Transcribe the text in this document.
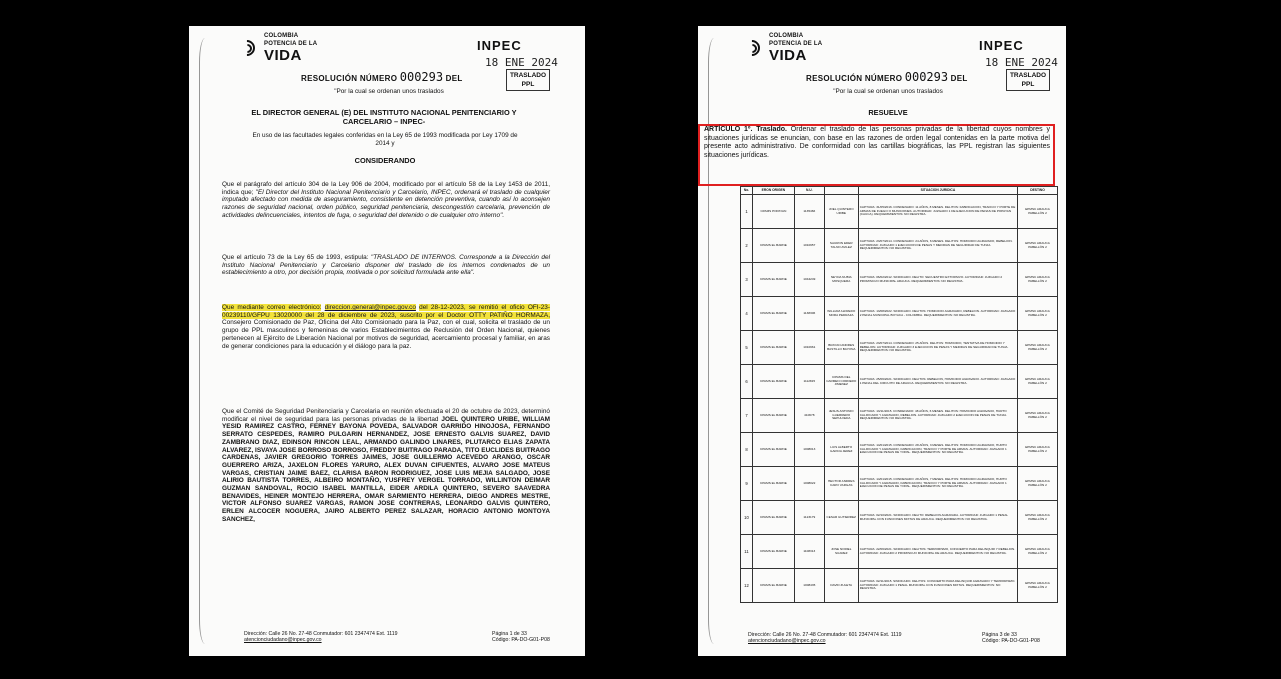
COLOMBIA
POTENCIA DE LA
VIDA
INPEC
18 ENE 2024
TRASLADO
PPL
RESOLUCIÓN NÚMERO 000293 DEL
"Por la cual se ordenan unos traslados
EL DIRECTOR GENERAL (E) DEL INSTITUTO NACIONAL PENITENCIARIO Y CARCELARIO – INPEC-
En uso de las facultades legales conferidas en la Ley 65 de 1993 modificada por Ley 1709 de 2014 y
CONSIDERANDO

Que el parágrafo del artículo 304 de la Ley 906 de 2004, modificado por el artículo 58 de la Ley 1453 de 2011, indica que; "El Director del Instituto Nacional Penitenciario y Carcelario, INPEC, ordenará el traslado de cualquier imputado afectado con medida de aseguramiento, consistente en detención preventiva, cuando así lo aconsejen razones de seguridad nacional, orden público, seguridad penitenciaria, descongestión carcelaria, prevención de actividades delincuenciales, intentos de fuga, o seguridad del detenido o de cualquier otro interno".

Que el artículo 73 de la Ley 65 de 1993, estipula: "TRASLADO DE INTERNOS. Corresponde a la Dirección del Instituto Nacional Penitenciario y Carcelario disponer del traslado de los internos condenados de un establecimiento a otro, por decisión propia, motivada o por solicitud formulada ante ella".

Que mediante correo electrónico: direccion.general@inpec.gov.co del 28-12-2023, se remitió el oficio OFI-23-00239110/GFPU 13020000 del 28 de diciembre de 2023, suscrito por el Doctor OTTY PATIÑO HORMAZA, Consejero Comisionado de Paz, Oficina del Alto Comisionado para la Paz, con el cual, solicita el traslado de un grupo de PPL masculinos y femeninas de varios Establecimientos de Reclusión del Orden Nacional, quienes pertenecen al Ejército de Liberación Nacional por motivos de seguridad, acercamiento procesal y familiar, en aras de generar condiciones para la educación y el diálogo para la paz.

Que el Comité de Seguridad Penitenciaria y Carcelaria en reunión efectuada el 20 de octubre de 2023, determinó modificar el nivel de seguridad para las personas privadas de la libertad JOEL QUINTERO URIBE, WILLIAM YESID RAMIREZ CASTRO, FERNEY BAYONA POVEDA, SALVADOR GARRIDO HINOJOSA, FERNANDO SERRATO CESPEDES, RAMIRO PULGARIN HERNANDEZ, JOSE ERNESTO GALVIS SUAREZ, DAVID ZAMBRANO DIAZ, EDINSON RINCON LEAL, ARMANDO GALINDO LINARES, PLUTARCO ELIAS ZAPATA ALVAREZ, ISVAYA JOSE BORROSO BORROSO, FREDDY BUITRAGO PARADA, TITO EUCLIDES BUITRAGO CARDENAS, JAVIER GREGORIO TORRES JAIMES, JOSE GUILLERMO ACEVEDO ARANGO, OSCAR GUERRERO ARIZA, JAXELON FLORES YARURO, ALEX DUVAN CIFUENTES, ALVARO JOSE MATEUS VARGAS, CRISTIAN JAIME BAEZ, CLARISA BARON RODRIGUEZ, JOSE LUIS MEJIA SALGADO, JOSE ALIRIO BAUTISTA TORRES, ALBEIRO MONTAÑO, YUSFREY VERGEL TORRADO, WILLINTON DEIMAR GUZMAN SANDOVAL, ROCIO ISABEL MANTILLA, EIDER ARDILA QUINTERO, SEVERO SAAVEDRA BENAVIDES, HEINER MONTEJO HERRERA, OMAR SARMIENTO HERRERA, DIEGO ANDRES MESTRE, VICTOR ALFONSO SUAREZ VARGAS, RAMON JOSE CONTRERAS, LEONARDO GALVIS QUINTERO, ERLEN ALCOCER NOGUERA, JAIRO ALBERTO PEREZ SALAZAR, HORACIO ANTONIO MONTOYA SANCHEZ,

Dirección: Calle 26 No. 27-48 Conmutador: 601 2347474 Ext. 1119
atencionciudadano@inpec.gov.co
Página 1 de 33
Código: PA-DO-G01-P08
COLOMBIA
POTENCIA DE LA
VIDA
INPEC
18 ENE 2024
TRASLADO
PPL
RESOLUCIÓN NÚMERO 000293 DEL
"Por la cual se ordenan unos traslados
RESUELVE

ARTÍCULO 1º. Traslado. Ordenar el traslado de las personas privadas de la libertad cuyos nombres y situaciones jurídicas se enuncian, con base en las razones de orden legal contenidas en la parte motiva del presente acto administrativo. De conformidad con las cartillas biográficas, las PPL registran las siguientes situaciones jurídicas.

No.	ERON ORIGEN	N.U.		SITUACION JURIDICA	DESTINO
1	CPAMS POPAYAN	1135466	JOEL QUINTERO URIBE	CAPTURA: 31/05/2016. CONDENADO: 11 AÑOS, 8 MESES. DELITOS: FABRICACION, TRAFICO Y PORTE DE ARMAS DE FUEGO O MUNICIONES. AUTORIDAD: JUZGADO 1 DE EJECUCION DE PENAS DE POPAYAN (CAUCA). REQUERIMIENTOS: NO REGISTRA.	EPMSC ARAUCA PABELLÓN 2
2	CPAMS EL BARNE	1010957	SAURON EDER TALNO AVILEZ	CAPTURA: 23/07/2014. CONDENADO: 24 AÑOS, 6 MESES. DELITOS: HOMICIDIO AGRAVADO, REBELION. AUTORIDAD: JUZGADO 1 EJECUCION DE PENAS Y MEDIDAS DE SEGURIDAD DE TUNJA. REQUERIMIENTOS: NO REGISTRA.	EPMSC ARAUCA PABELLÓN 2
3	CPAMS EL BARNE	1044249	NEYDA NUBIA MOSQUERA	CAPTURA: 06/02/2012. SINDICADO. DELITO: SECUESTRO EXTORSIVO. AUTORIDAD: JUZGADO 2 PROMISCUO MUNICIPAL ARAUCA. REQUERIMIENTOS: NO REGISTRA.	EPMSC ARAUCA PABELLÓN 2
4	CPAMS EL BARNE	1138306	WILLIAM ALFREDO MORA PEDRAZA	CAPTURA: 13/08/2022. SINDICADO. DELITOS: HOMICIDIO AGRAVADO, REBELION. AUTORIDAD: JUZGADO 2 PENAL MUNICIPAL BOYACA - COLOMBIA. REQUERIMIENTOS: NO REGISTRA.	EPMSC ARAUCA PABELLÓN 2
5	CPAMS EL BARNE	1010961	BRAYAN ANDRES BASTILLO BAYONA	CAPTURA: 23/07/2014. CONDENADO: 25 AÑOS. DELITOS: HOMICIDIO, TENTATIVA DE HOMICIDIO Y REBELION. AUTORIDAD: JUZGADO 3 EJECUCION DE PENAS Y MEDIDAS DE SEGURIDAD DE TUNJA. REQUERIMIENTOS: NO REGISTRA.	EPMSC ARAUCA PABELLÓN 2
6	CPAMS EL BARNE	1112815	CIPAMS DEL CARMEN CORDERO JIMENEZ	CAPTURA: 25/06/2021. SINDICADO. DELITOS: REBELION, HOMICIDIO AGRAVADO. AUTORIDAD: JUZGADO 1 PENAL DEL CIRCUITO DE ARAUCA. REQUERIMIENTOS: NO REGISTRA.	EPMSC ARAUCA PABELLÓN 2
7	CPAMS EL BARNE	410678	JESUS ANTONIO GUERRERO SEPULVEDA	CAPTURA: 13/11/2015. CONDENADO: 48 AÑOS, 6 MESES. DELITOS: HOMICIDIO AGRAVADO, HURTO CALIFICADO Y AGRAVADO, REBELION. AUTORIDAD: JUZGADO 2 EJECUCION DE PENAS DE TUNJA. REQUERIMIENTOS: NO REGISTRA.	EPMSC ARAUCA PABELLÓN 2
8	CPAMS EL BARNE	1008013	LUIS ALBERTO GARCIA JEREZ	CAPTURA: 14/01/2015. CONDENADO: 28 AÑOS, 3 MESES. DELITOS: HOMICIDIO AGRAVADO, HURTO CALIFICADO Y AGRAVADO, FABRICACION, TRAFICO Y PORTE DE ARMAS. AUTORIDAD: JUZGADO 1 EJECUCION DE PENAS DE YOPAL. REQUERIMIENTOS: NO REGISTRA.	EPMSC ARAUCA PABELLÓN 2
9	CPAMS EL BARNE	1008022	HECTOR ANDRES CARO VARGAS	CAPTURA: 14/01/2015. CONDENADO: 28 AÑOS, 7 MESES. DELITOS: HOMICIDIO AGRAVADO, HURTO CALIFICADO Y AGRAVADO, FABRICACION, TRAFICO Y PORTE DE ARMAS. AUTORIDAD: JUZGADO 1 EJECUCION DE PENAS DE YOPAL. REQUERIMIENTOS: NO REGISTRA.	EPMSC ARAUCA PABELLÓN 2
10	CPAMS EL BARNE	1123179	CESAR GUTIERREZ	CAPTURA: 02/10/2021. SINDICADO. DELITO: REBELION AGRAVADA. AUTORIDAD: JUZGADO 1 PENAL MUNICIPAL CON FUNCIONES MIXTAS DE ARAUCA. REQUERIMIENTOS: NO REGISTRA.	EPMSC ARAUCA PABELLÓN 2
11	CPAMS EL BARNE	1108313	JOSE NORIEL SUAREZ	CAPTURA: 22/06/2021. SINDICADO. DELITOS: TERRORISMO, CONCIERTO PARA DELINQUIR Y REBELION. AUTORIDAD: JUZGADO 2 PROMISCUO MUNICIPAL DE ARAUCA. REQUERIMIENTOS: NO REGISTRA.	EPMSC ARAUCA PABELLÓN 2
12	CPAMS EL BARNE	1008435	DAVID ZULETA	CAPTURA: 02/11/2015. SINDICADO. DELITOS: CONCIERTO PARA DELINQUIR AGRAVADO Y TERRORISMO. AUTORIDAD: JUZGADO 1 PENAL MUNICIPAL CON FUNCIONES MIXTAS. REQUERIMIENTOS: NO REGISTRA.	EPMSC ARAUCA PABELLÓN 2
Dirección: Calle 26 No. 27-48 Conmutador: 601 2347474 Ext. 1119
atencionciudadano@inpec.gov.co
Página 3 de 33
Código: PA-DO-G01-P08
